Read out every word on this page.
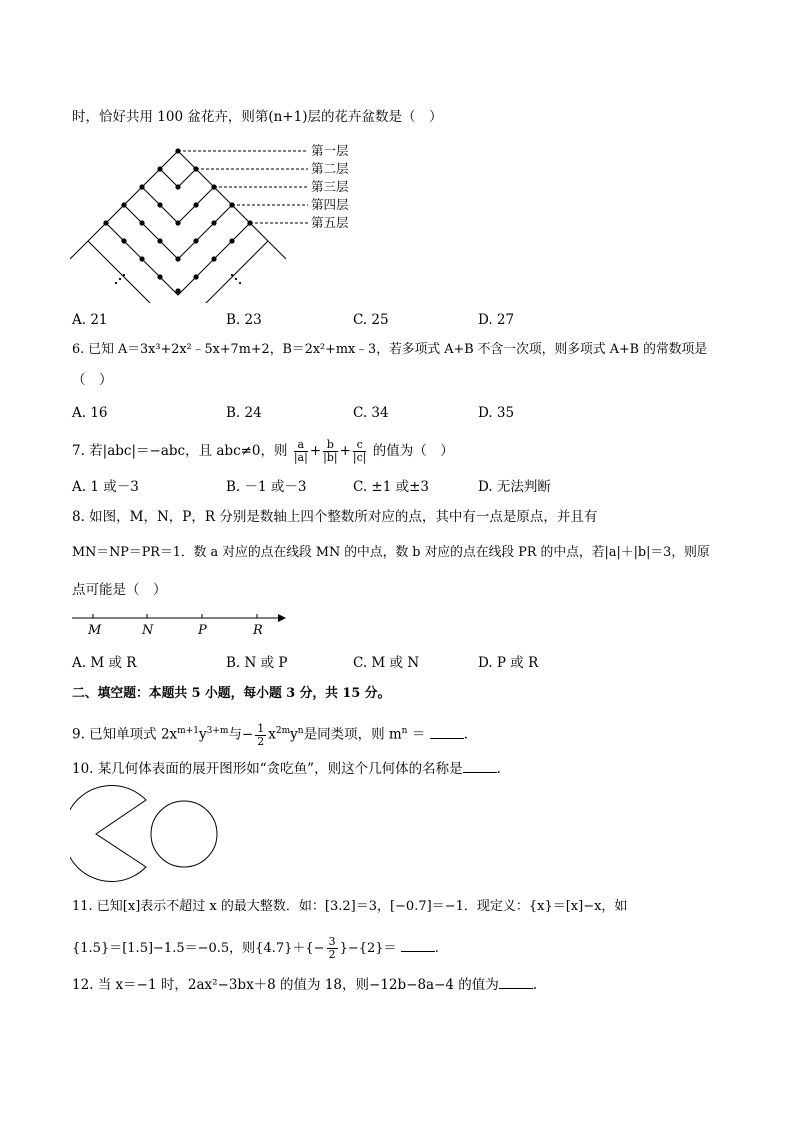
时，恰好共用 100 盆花卉，则第(n+1)层的花卉盆数是（　）
第一层
第二层
第三层
第四层
第五层
A. 21	B. 23	C. 25	D. 27
6. 已知 A＝3x³+2x²﹣5x+7m+2，B＝2x²+mx﹣3，若多项式 A+B 不含一次项，则多项式 A+B 的常数项是
（　）
A. 16	B. 24	C. 34	D. 35
7. 若|abc|＝−abc，且 abc≠0，则 $\frac{a}{|a|} + \frac{b}{|b|} + \frac{c}{|c|}$ 的值为（　）
A. 1 或－3	B. －1 或－3	C. ±1 或±3	D. 无法判断
8. 如图，M，N，P，R 分别是数轴上四个整数所对应的点，其中有一点是原点，并且有
MN＝NP＝PR＝1．数 a 对应的点在线段 MN 的中点，数 b 对应的点在线段 PR 的中点，若|a|＋|b|＝3，则原
点可能是（　）
M	N	P	R
A. M 或 R	B. N 或 P	C. M 或 N	D. P 或 R
二、填空题：本题共 5 小题，每小题 3 分，共 15 分。
9. 已知单项式 $2x^{m+1}y^{3+m}$与− $\frac{1}{2} x^{2m}y^n$是同类项，则 $m^n$ ＝	.
10. 某几何体表面的展开图形如“贪吃鱼”，则这个几何体的名称是	.
11. 已知[x]表示不超过 x 的最大整数．如：[3.2]＝3，[−0.7]＝−1．现定义：{x}＝[x]−x，如
{1.5}＝[1.5]−1.5＝−0.5，则$\{4.7\}+\{- \frac{3}{2} \}-\{2\}=$	.
12. 当 x＝−1 时，2ax²−3bx＋8 的值为 18，则−12b−8a−4 的值为	.
